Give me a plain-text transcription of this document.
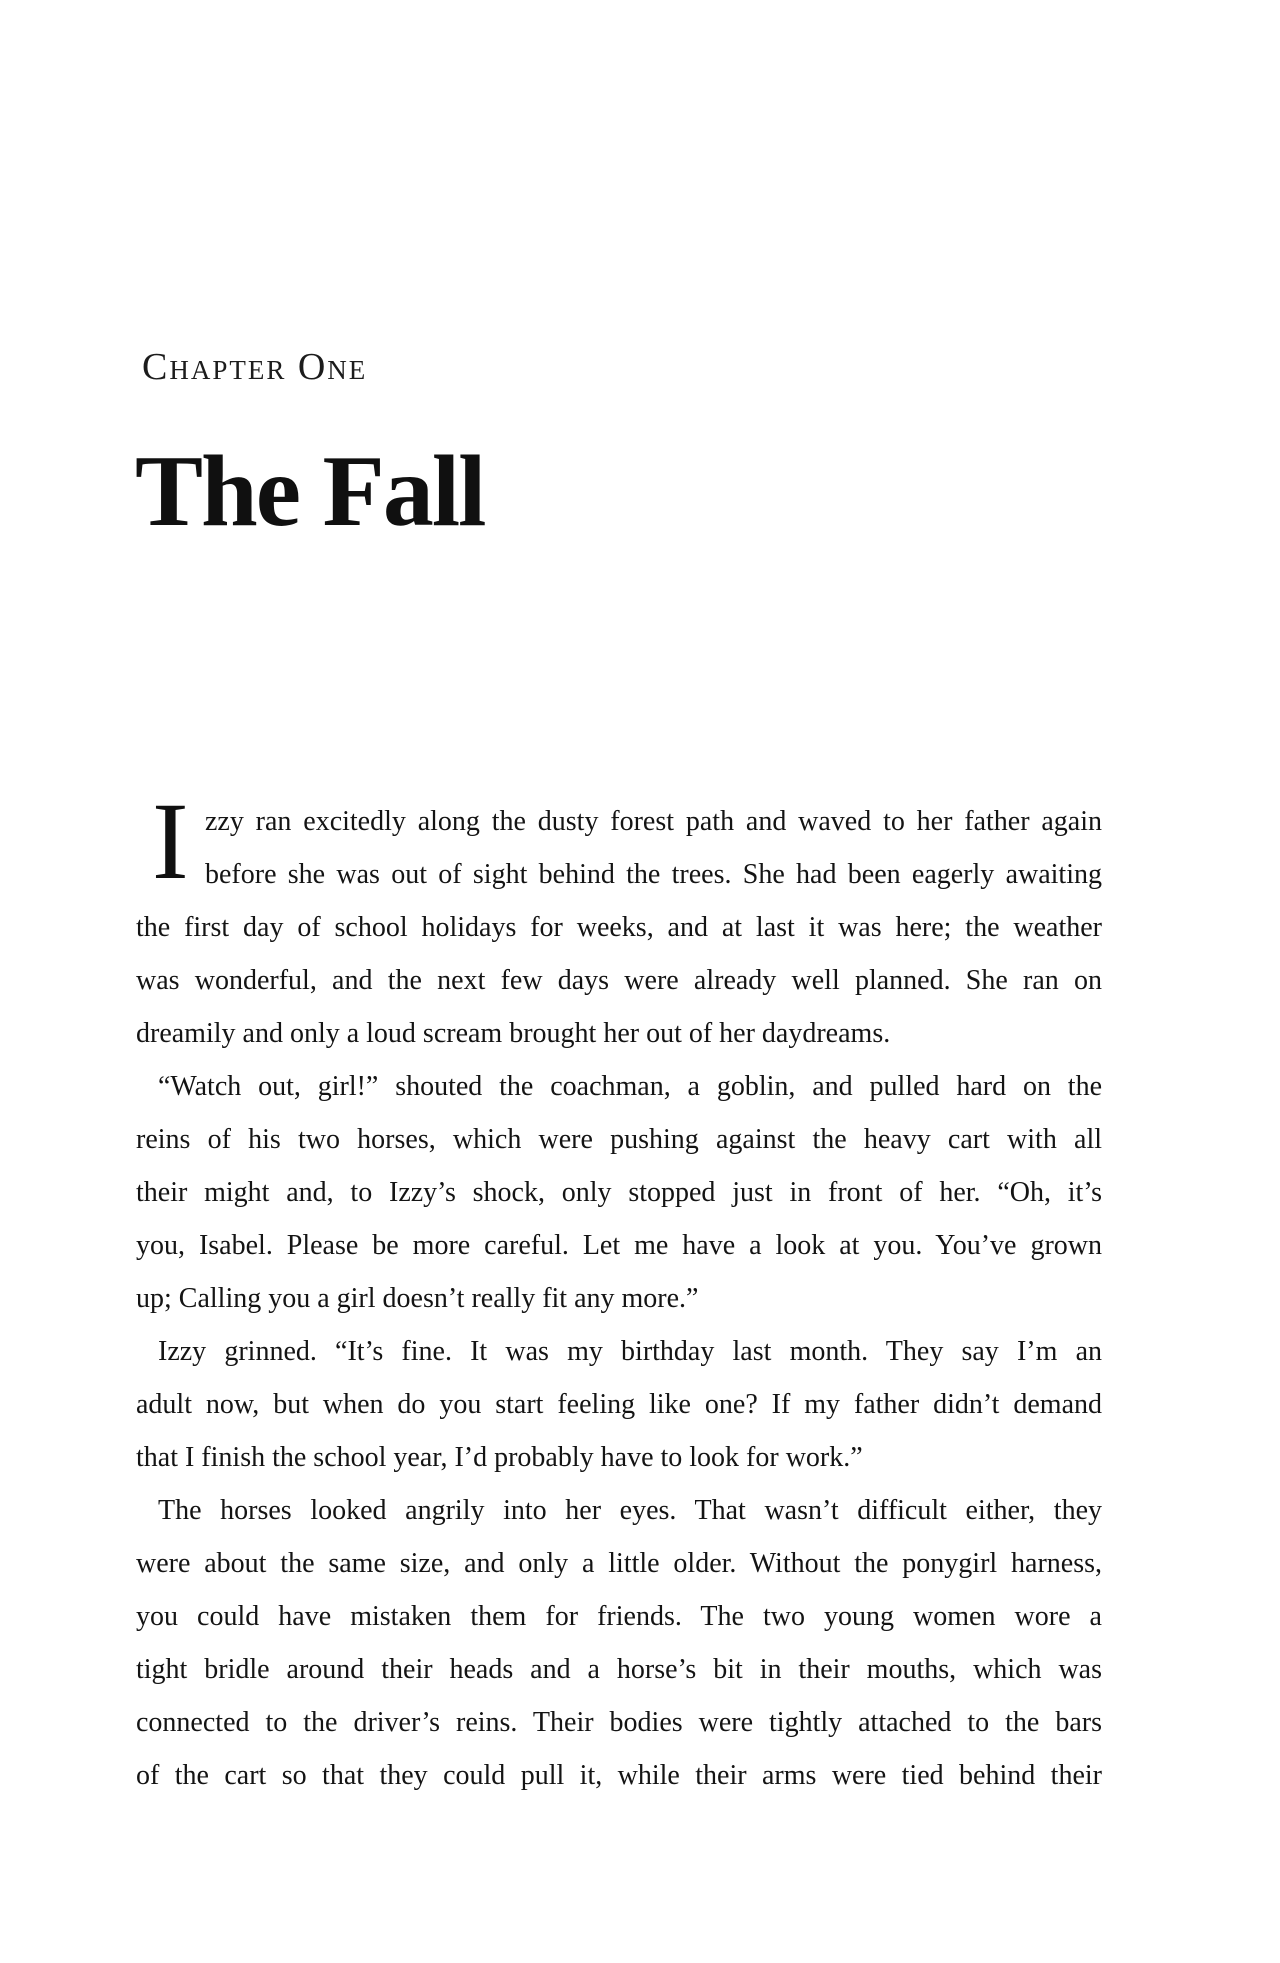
Chapter One
The Fall
I zzy ran excitedly along the dusty forest path and waved to her father again
before she was out of sight behind the trees. She had been eagerly awaiting
the first day of school holidays for weeks, and at last it was here; the weather
was wonderful, and the next few days were already well planned. She ran on
dreamily and only a loud scream brought her out of her daydreams.
“Watch out, girl!” shouted the coachman, a goblin, and pulled hard on the
reins of his two horses, which were pushing against the heavy cart with all
their might and, to Izzy’s shock, only stopped just in front of her. “Oh, it’s
you, Isabel. Please be more careful. Let me have a look at you. You’ve grown
up; Calling you a girl doesn’t really fit any more.”
Izzy grinned. “It’s fine. It was my birthday last month. They say I’m an
adult now, but when do you start feeling like one? If my father didn’t demand
that I finish the school year, I’d probably have to look for work.”
The horses looked angrily into her eyes. That wasn’t difficult either, they
were about the same size, and only a little older. Without the ponygirl harness,
you could have mistaken them for friends. The two young women wore a
tight bridle around their heads and a horse’s bit in their mouths, which was
connected to the driver’s reins. Their bodies were tightly attached to the bars
of the cart so that they could pull it, while their arms were tied behind their
